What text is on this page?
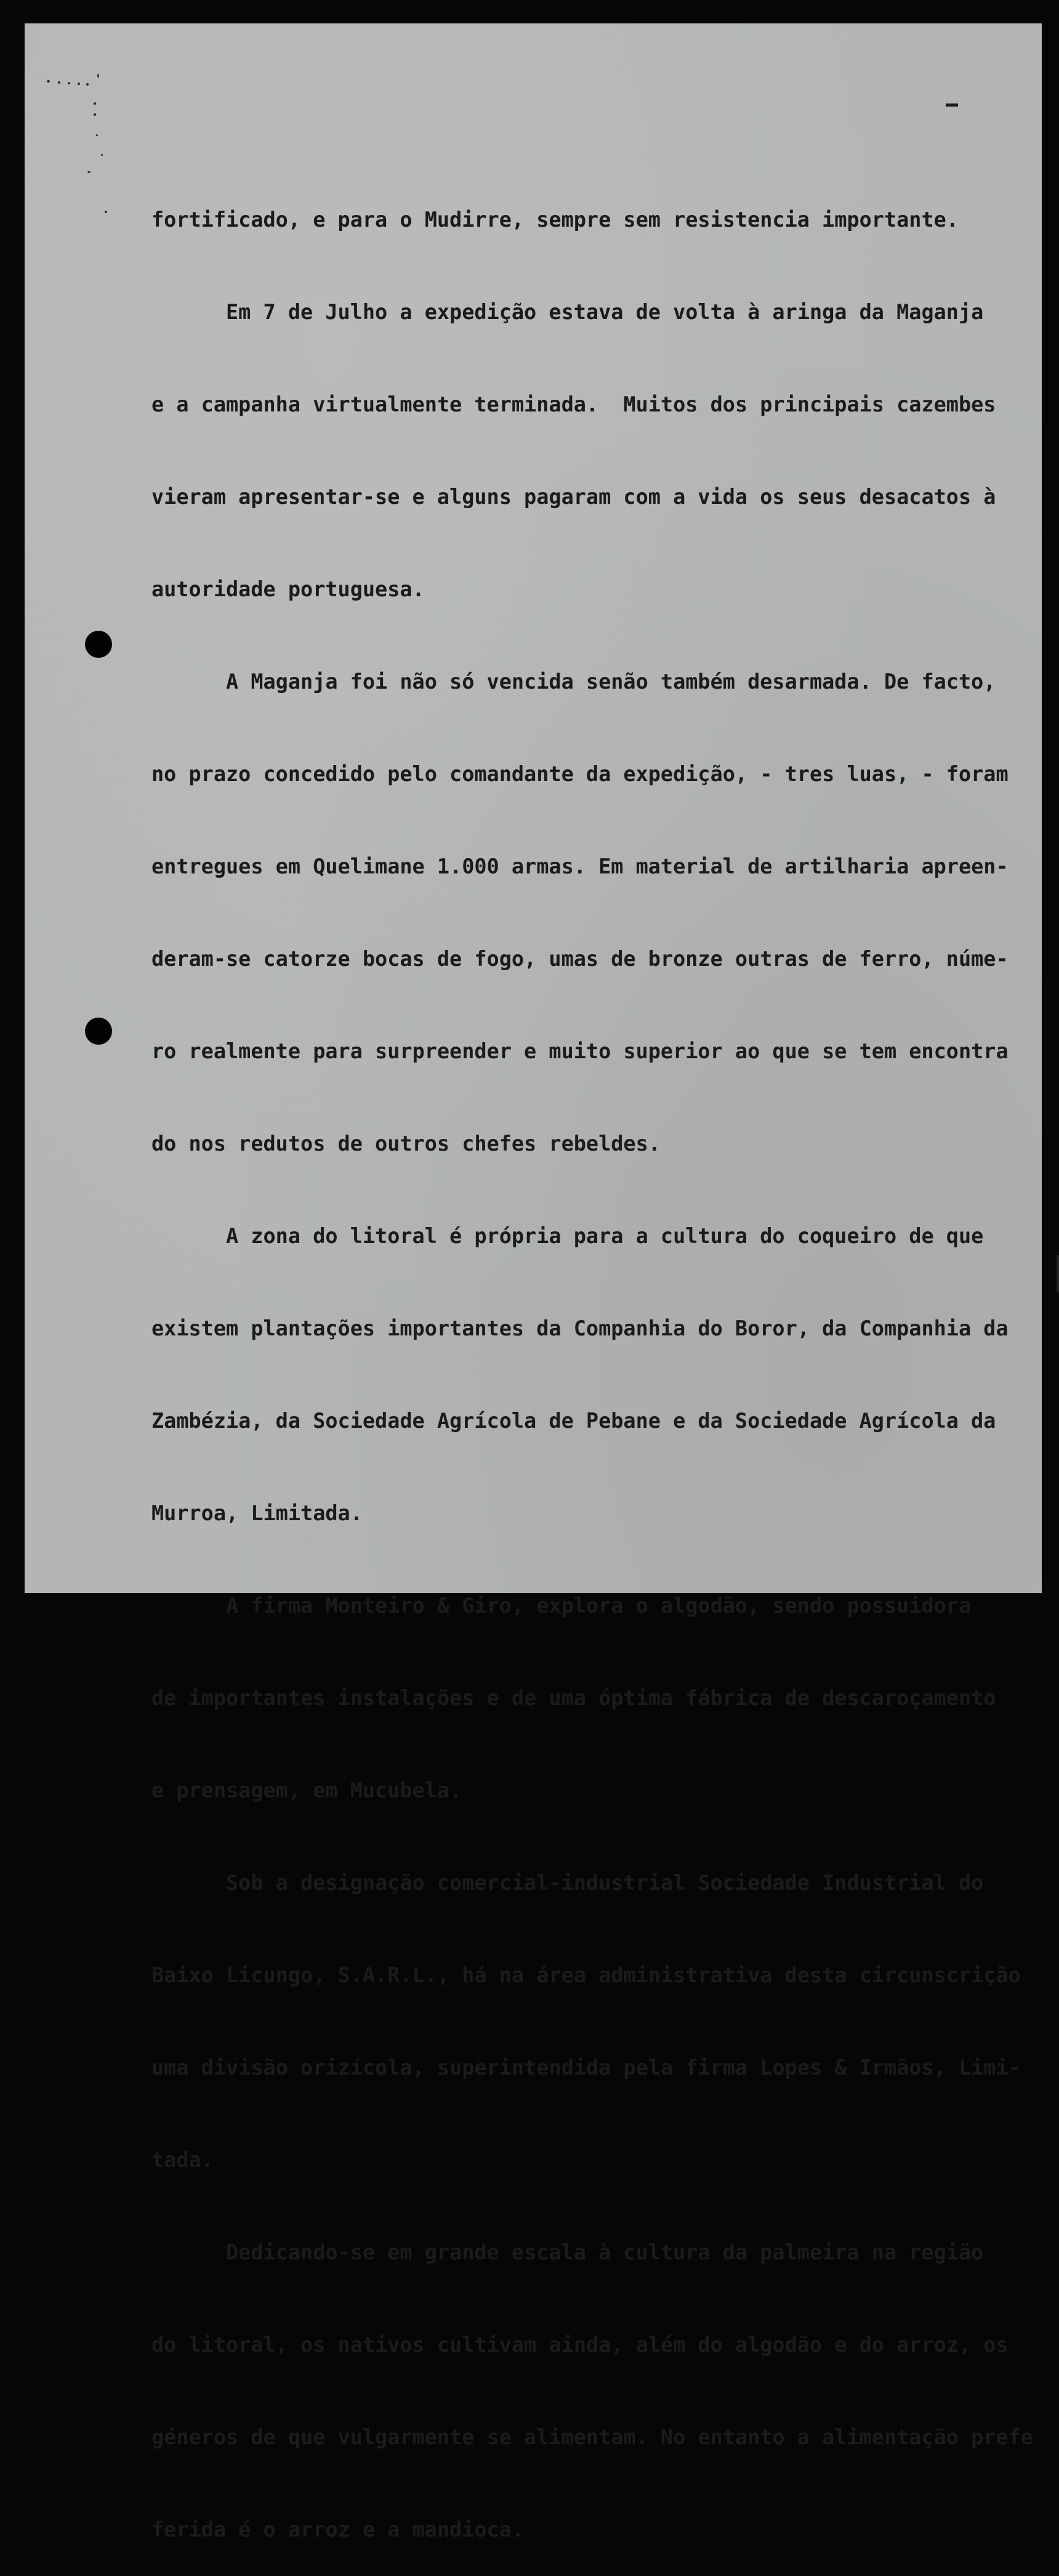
fortificado, e para o Mudirre, sempre sem resistencia importante.

Em 7 de Julho a expedição estava de volta à aringa da Maganja

e a campanha virtualmente terminada.  Muitos dos principais cazembes

vieram apresentar-se e alguns pagaram com a vida os seus desacatos à

autoridade portuguesa.

A Maganja foi não só vencida senão também desarmada. De facto,

no prazo concedido pelo comandante da expedição, - tres luas, - foram

entregues em Quelimane 1.000 armas. Em material de artilharia apreen-

deram-se catorze bocas de fogo, umas de bronze outras de ferro, núme-

ro realmente para surpreender e muito superior ao que se tem encontra

do nos redutos de outros chefes rebeldes.

A zona do litoral é própria para a cultura do coqueiro de que

existem plantações importantes da Companhia do Boror, da Companhia da

Zambézia, da Sociedade Agrícola de Pebane e da Sociedade Agrícola da

Murroa, Limitada.

A firma Monteiro & Giro, explora o algodão, sendo possuidora

de importantes instalações e de uma óptima fábrica de descaroçamento

e prensagem, em Mucubela.

Sob a designação comercial-industrial Sociedade Industrial do

Baixo Licungo, S.A.R.L., há na área administrativa desta circunscrição

uma divisão orizícola, superintendida pela firma Lopes & Irmãos, Limi-

tada.

Dedicando-se em grande escala à cultura da palmeira na região

do litoral, os nativos cultivam ainda, além do algodão e do arroz, os

géneros de que vulgarmente se alimentam. No entanto a alimentação prefe

ferida é o arroz e a mandioca.
